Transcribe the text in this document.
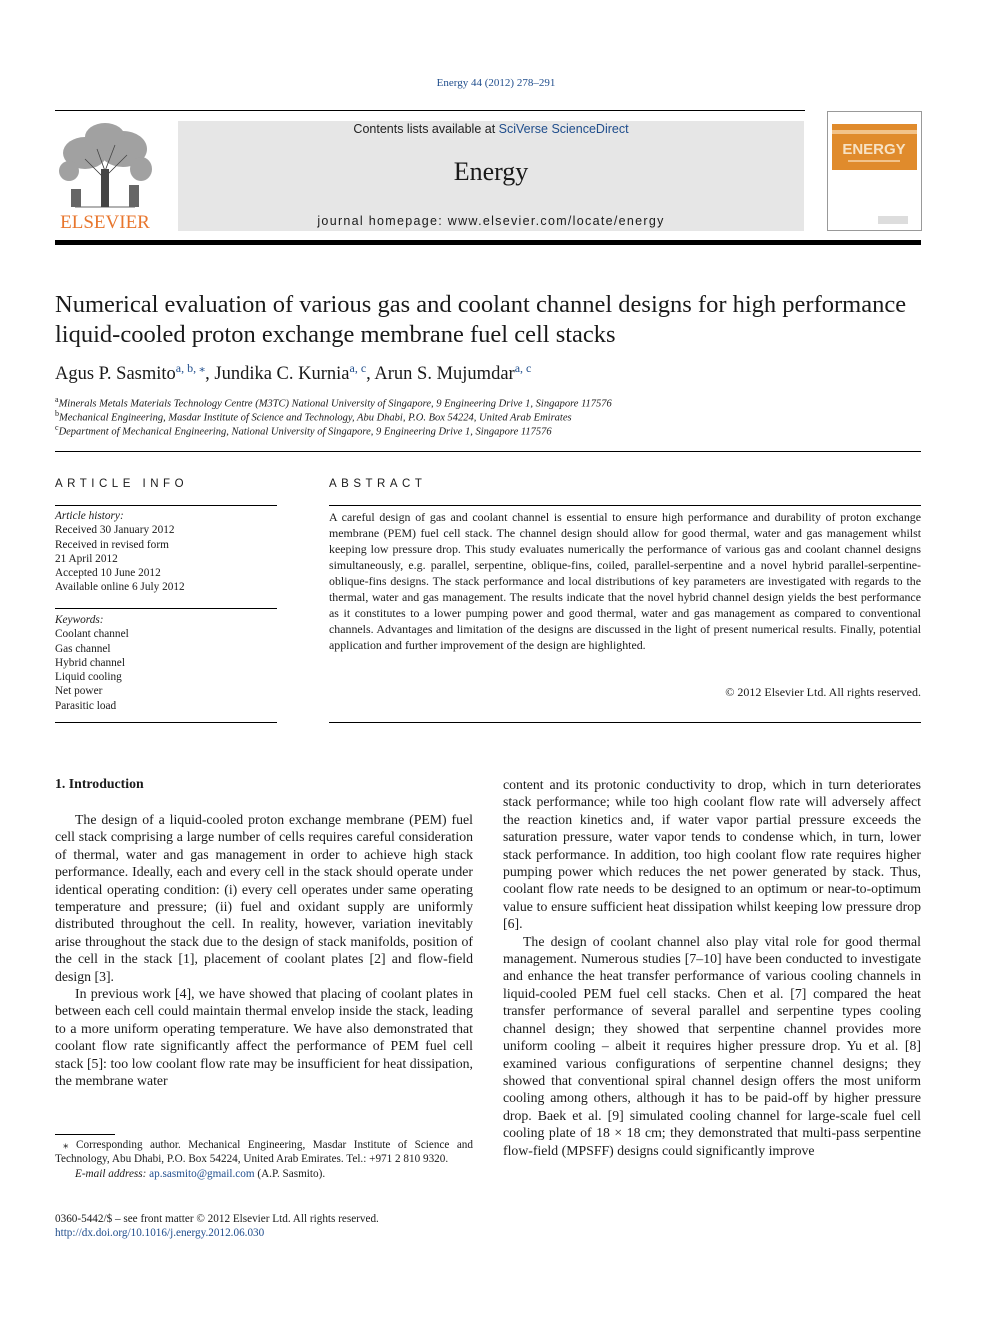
Energy 44 (2012) 278–291
ELSEVIER
Contents lists available at SciVerse ScienceDirect
Energy
journal homepage: www.elsevier.com/locate/energy
ENERGY
Numerical evaluation of various gas and coolant channel designs for high performance liquid-cooled proton exchange membrane fuel cell stacks
Agus P. Sasmito$^{a, b, ⁎}$, Jundika C. Kurnia$^{a, c}$, Arun S. Mujumdar$^{a, c}$
$^a$Minerals Metals Materials Technology Centre (M3TC) National University of Singapore, 9 Engineering Drive 1, Singapore 117576
$^b$Mechanical Engineering, Masdar Institute of Science and Technology, Abu Dhabi, P.O. Box 54224, United Arab Emirates
$^c$Department of Mechanical Engineering, National University of Singapore, 9 Engineering Drive 1, Singapore 117576
ARTICLE INFO
Article history:
Received 30 January 2012
Received in revised form
21 April 2012
Accepted 10 June 2012
Available online 6 July 2012
Keywords:
Coolant channel
Gas channel
Hybrid channel
Liquid cooling
Net power
Parasitic load
ABSTRACT
A careful design of gas and coolant channel is essential to ensure high performance and durability of proton exchange membrane (PEM) fuel cell stack. The channel design should allow for good thermal, water and gas management whilst keeping low pressure drop. This study evaluates numerically the performance of various gas and coolant channel designs simultaneously, e.g. parallel, serpentine, oblique-fins, coiled, parallel-serpentine and a novel hybrid parallel-serpentine-oblique-fins designs. The stack performance and local distributions of key parameters are investigated with regards to the thermal, water and gas management. The results indicate that the novel hybrid channel design yields the best performance as it constitutes to a lower pumping power and good thermal, water and gas management as compared to conventional channels. Advantages and limitation of the designs are discussed in the light of present numerical results. Finally, potential application and further improvement of the design are highlighted.
© 2012 Elsevier Ltd. All rights reserved.
1. Introduction

The design of a liquid-cooled proton exchange membrane (PEM) fuel cell stack comprising a large number of cells requires careful consideration of thermal, water and gas management in order to achieve high stack performance. Ideally, each and every cell in the stack should operate under identical operating condition: (i) every cell operates under same operating temperature and pressure; (ii) fuel and oxidant supply are uniformly distributed throughout the cell. In reality, however, variation inevitably arise throughout the stack due to the design of stack manifolds, position of the cell in the stack [1], placement of coolant plates [2] and flow-field design [3].

In previous work [4], we have showed that placing of coolant plates in between each cell could maintain thermal envelop inside the stack, leading to a more uniform operating temperature. We have also demonstrated that coolant flow rate significantly affect the performance of PEM fuel cell stack [5]: too low coolant flow rate may be insufficient for heat dissipation, the membrane water

content and its protonic conductivity to drop, which in turn deteriorates stack performance; while too high coolant flow rate will adversely affect the reaction kinetics and, if water vapor partial pressure exceeds the saturation pressure, water vapor tends to condense which, in turn, lower stack performance. In addition, too high coolant flow rate requires higher pumping power which reduces the net power generated by stack. Thus, coolant flow rate needs to be designed to an optimum or near-to-optimum value to ensure sufficient heat dissipation whilst keeping low pressure drop [6].

The design of coolant channel also play vital role for good thermal management. Numerous studies [7–10] have been conducted to investigate and enhance the heat transfer performance of various cooling channels in liquid-cooled PEM fuel cell stacks. Chen et al. [7] compared the heat transfer performance of several parallel and serpentine types cooling channel design; they showed that serpentine channel provides more uniform cooling – albeit it requires higher pressure drop. Yu et al. [8] examined various configurations of serpentine channel designs; they showed that conventional spiral channel design offers the most uniform cooling among others, although it has to be paid-off by higher pressure drop. Baek et al. [9] simulated cooling channel for large-scale fuel cell cooling plate of 18 × 18 cm; they demonstrated that multi-pass serpentine flow-field (MPSFF) designs could significantly improve

⁎ Corresponding author. Mechanical Engineering, Masdar Institute of Science and Technology, Abu Dhabi, P.O. Box 54224, United Arab Emirates. Tel.: +971 2 810 9320.
E-mail address: ap.sasmito@gmail.com (A.P. Sasmito).
0360-5442/$ – see front matter © 2012 Elsevier Ltd. All rights reserved.
http://dx.doi.org/10.1016/j.energy.2012.06.030
